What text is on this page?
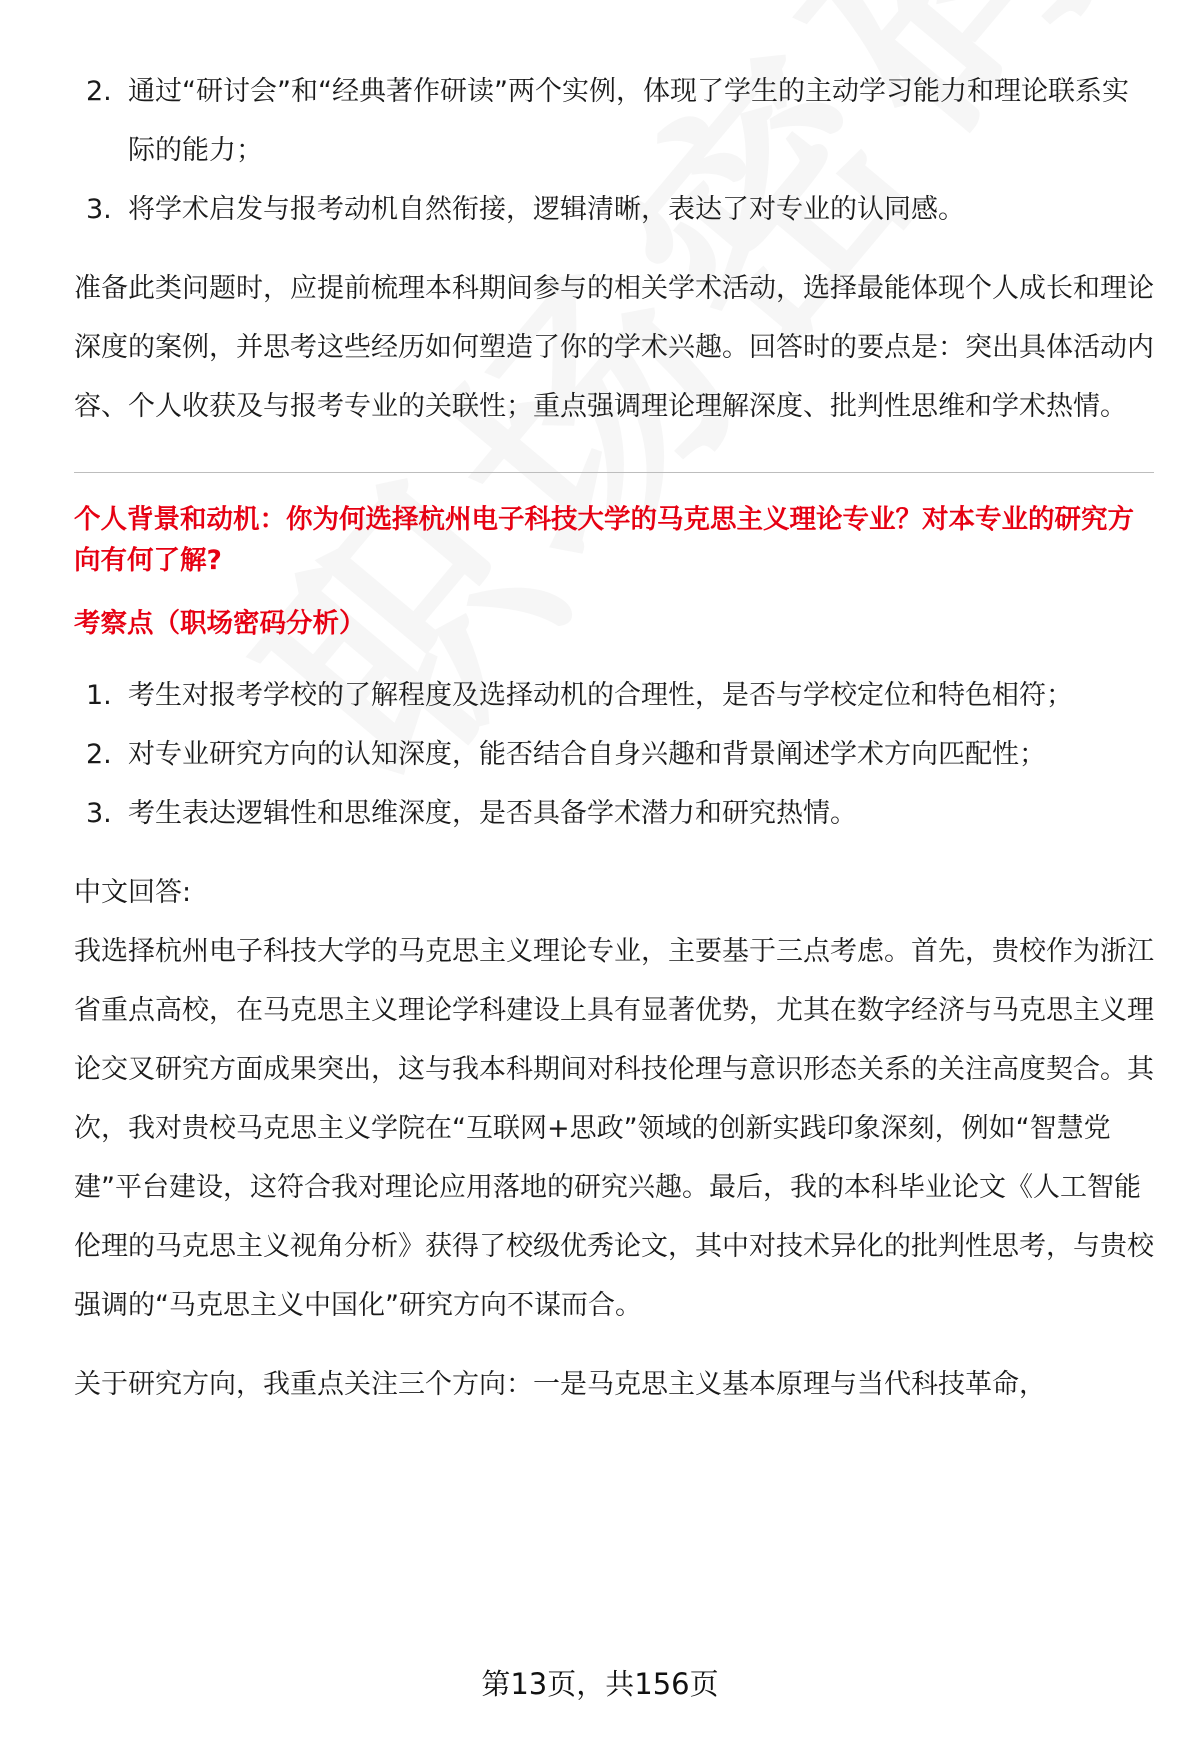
2. 通过“研讨会”和“经典著作研读”两个实例，体现了学生的主动学习能力和理论联系实际的能力；
3. 将学术启发与报考动机自然衔接，逻辑清晰，表达了对专业的认同感。

准备此类问题时，应提前梳理本科期间参与的相关学术活动，选择最能体现个人成长和理论深度的案例，并思考这些经历如何塑造了你的学术兴趣。回答时的要点是：突出具体活动内容、个人收获及与报考专业的关联性；重点强调理论理解深度、批判性思维和学术热情。

个人背景和动机：你为何选择杭州电子科技大学的马克思主义理论专业？对本专业的研究方向有何了解?

考察点（职场密码分析）

1. 考生对报考学校的了解程度及选择动机的合理性，是否与学校定位和特色相符；
2. 对专业研究方向的认知深度，能否结合自身兴趣和背景阐述学术方向匹配性；
3. 考生表达逻辑性和思维深度，是否具备学术潜力和研究热情。

中文回答:

我选择杭州电子科技大学的马克思主义理论专业，主要基于三点考虑。首先，贵校作为浙江省重点高校，在马克思主义理论学科建设上具有显著优势，尤其在数字经济与马克思主义理论交叉研究方面成果突出，这与我本科期间对科技伦理与意识形态关系的关注高度契合。其次，我对贵校马克思主义学院在“互联网+思政”领域的创新实践印象深刻，例如“智慧党建”平台建设，这符合我对理论应用落地的研究兴趣。最后，我的本科毕业论文《人工智能伦理的马克思主义视角分析》获得了校级优秀论文，其中对技术异化的批判性思考，与贵校强调的“马克思主义中国化”研究方向不谋而合。

关于研究方向，我重点关注三个方向：一是马克思主义基本原理与当代科技革命，

第13页，共156页
